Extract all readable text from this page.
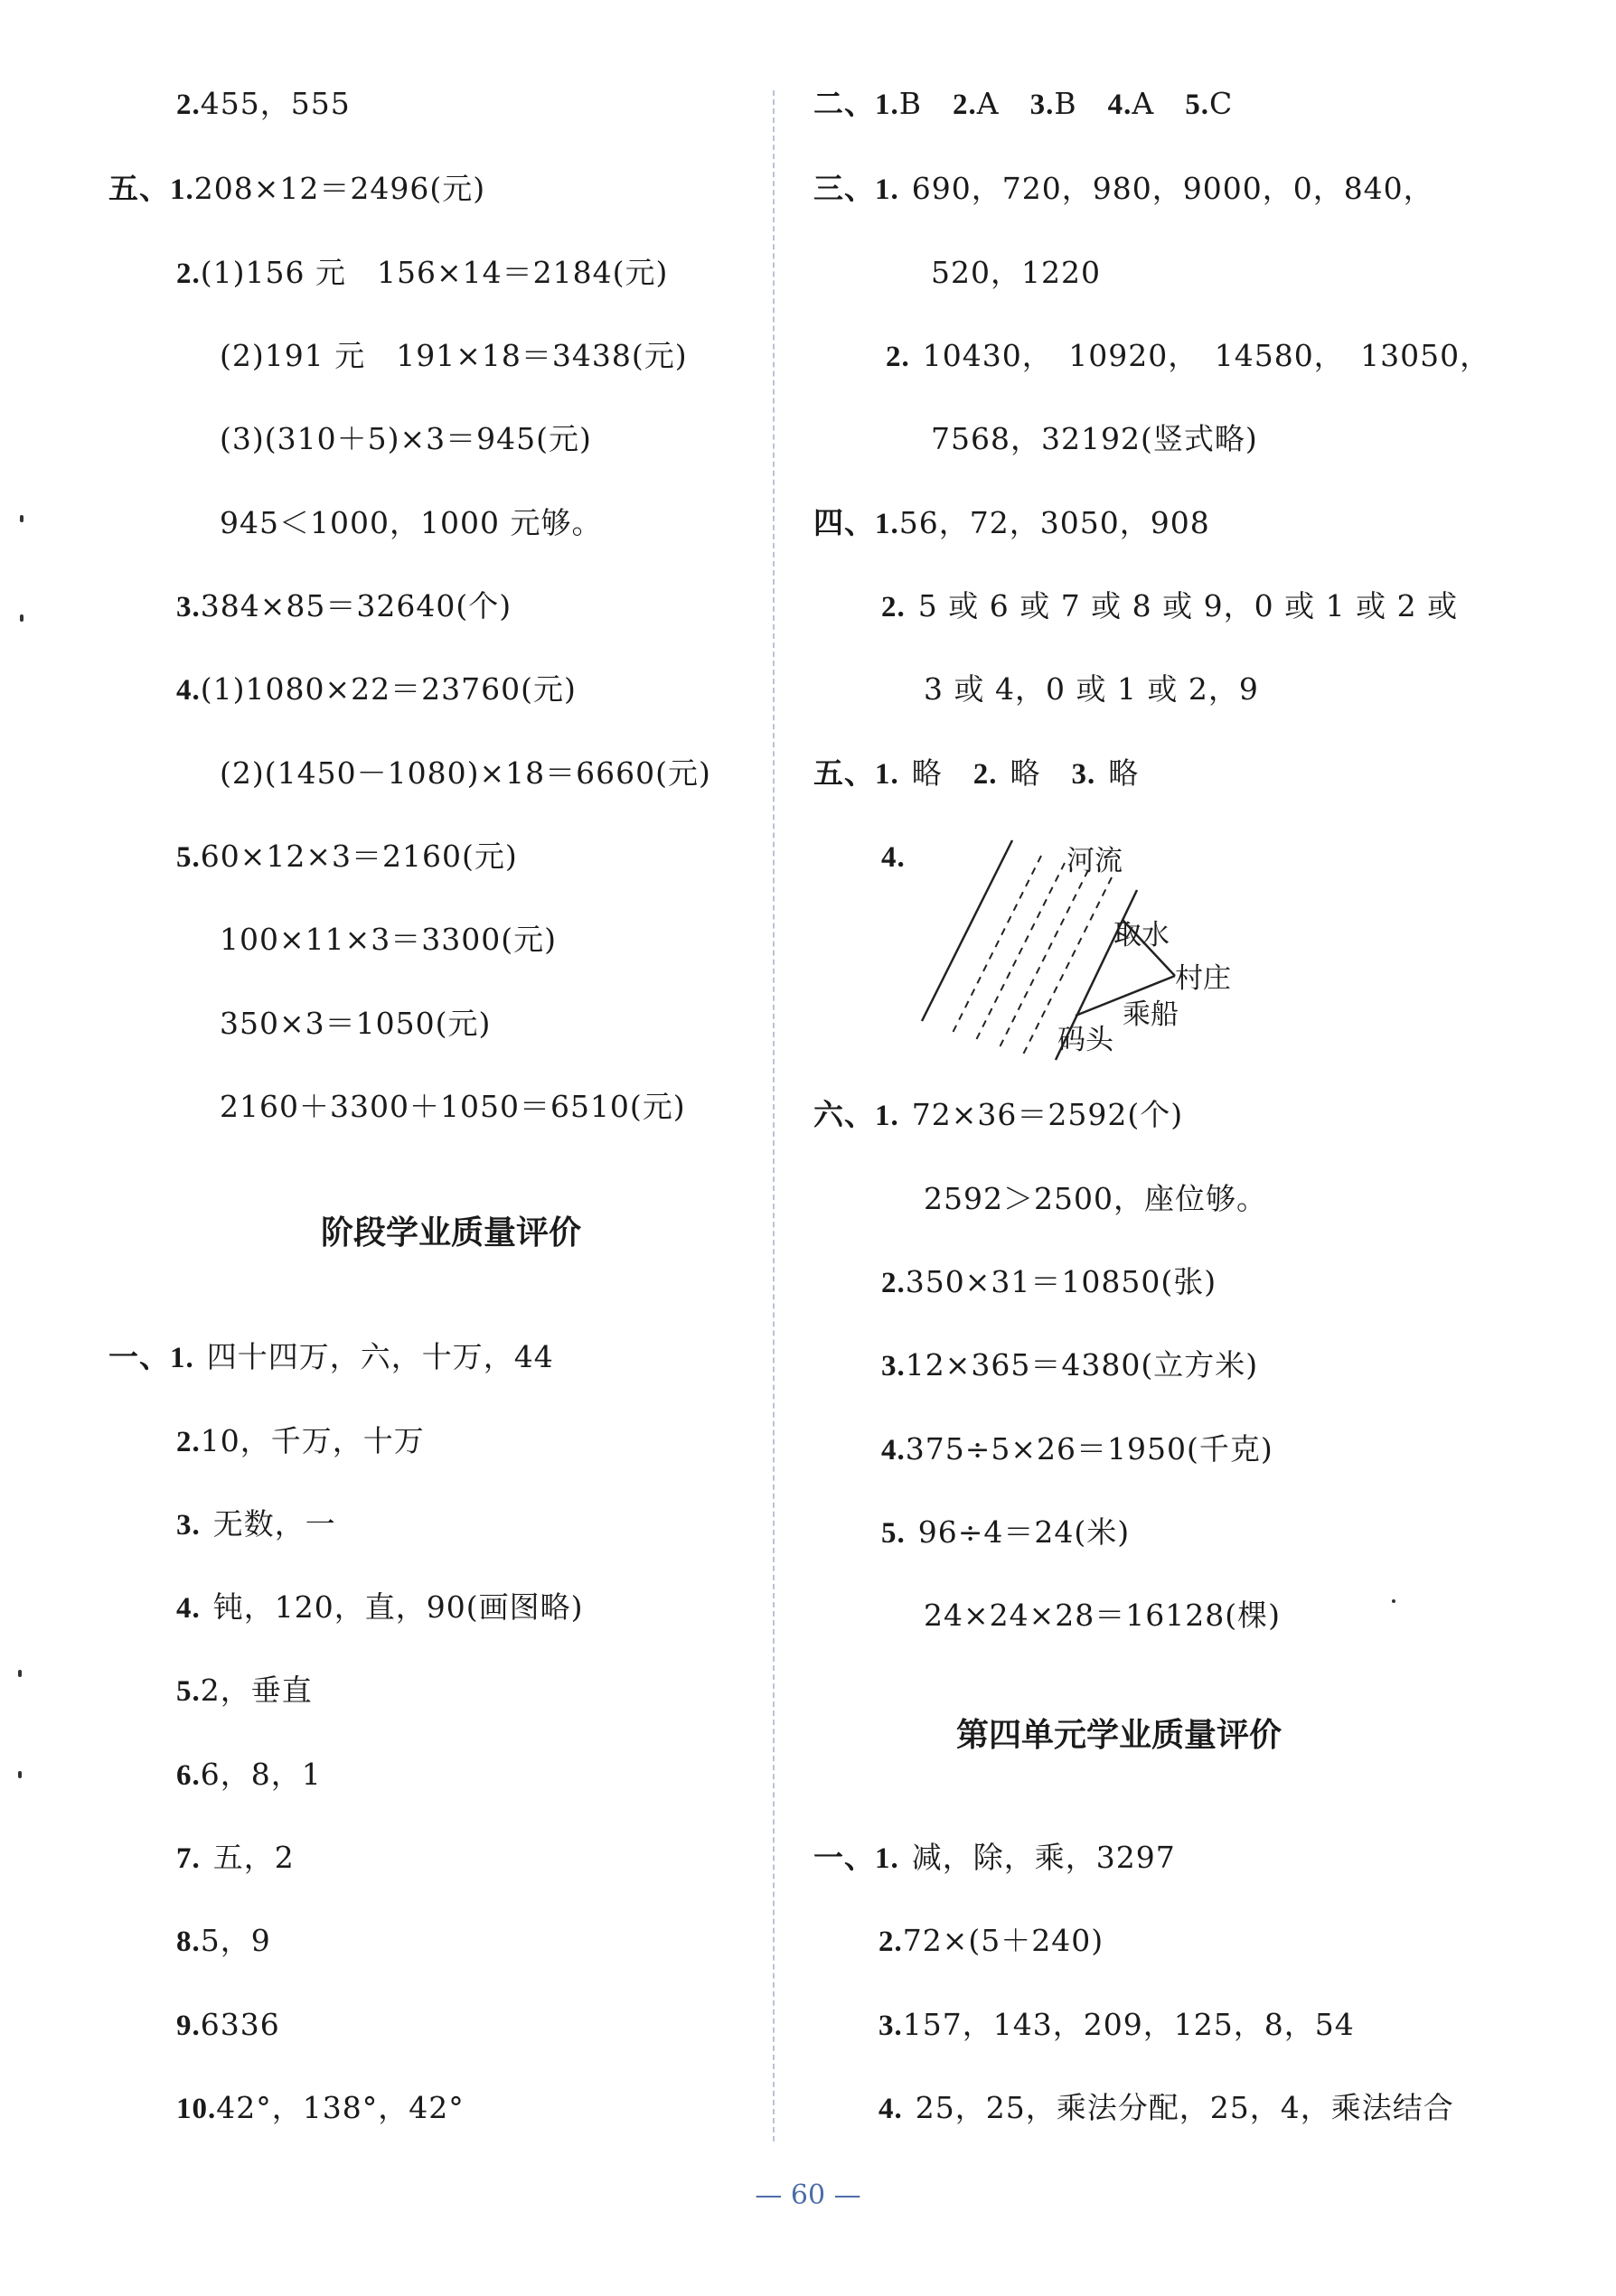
2.455，555
五、1.208×12＝2496(元)
2.(1)156 元　156×14＝2184(元)
(2)191 元　191×18＝3438(元)
(3)(310＋5)×3＝945(元)
945＜1000，1000 元够。
3.384×85＝32640(个)
4.(1)1080×22＝23760(元)
(2)(1450－1080)×18＝6660(元)
5.60×12×3＝2160(元)
100×11×3＝3300(元)
350×3＝1050(元)
2160＋3300＋1050＝6510(元)
阶段学业质量评价
一、1. 四十四万，六，十万，44
2.10，千万，十万
3. 无数，一
4. 钝，120，直，90(画图略)
5.2，垂直
6.6，8，1
7. 五，2
8.5，9
9.6336
10.42°，138°，42°
二、1.B 2.A 3.B 4.A 5.C
三、1. 690，720，980，9000，0，840，
520，1220
2. 10430，　10920，　14580，　13050，
7568，32192(竖式略)
四、1.56，72，3050，908
2. 5 或 6 或 7 或 8 或 9，0 或 1 或 2 或
3 或 4，0 或 1 或 2，9
五、1. 略 2. 略 3. 略
4.	河流
取水
村庄
乘船
码头
六、1. 72×36＝2592(个)
2592＞2500，座位够。
2.350×31＝10850(张)
3.12×365＝4380(立方米)
4.375÷5×26＝1950(千克)
5. 96÷4＝24(米)
24×24×28＝16128(棵)
第四单元学业质量评价
一、1. 减，除，乘，3297
2.72×(5＋240)
3.157，143，209，125，8，54
4. 25，25，乘法分配，25，4，乘法结合
— 60 —
